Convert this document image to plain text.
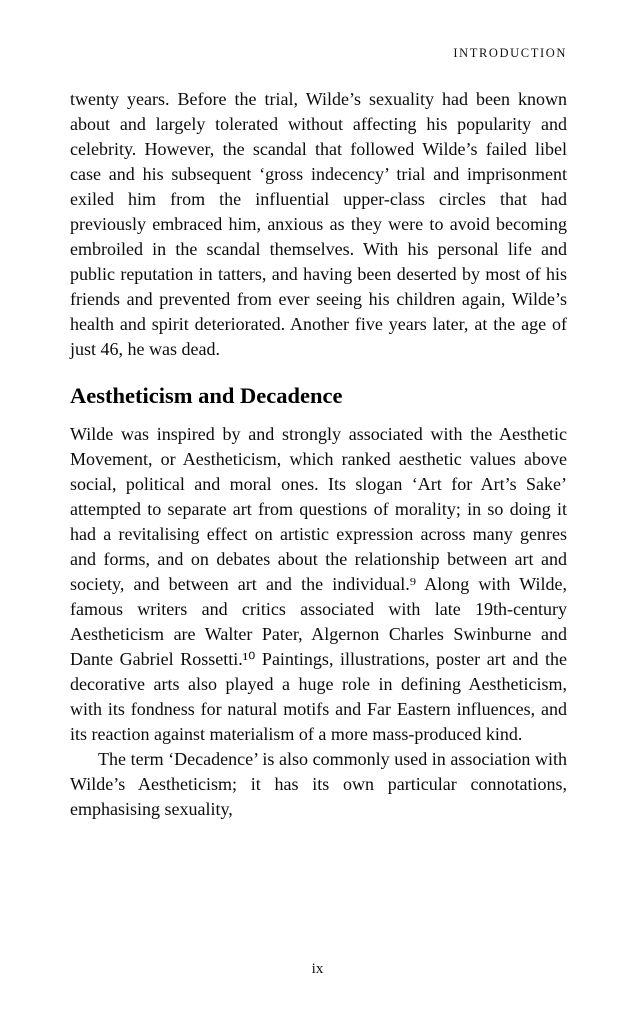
INTRODUCTION

twenty years. Before the trial, Wilde’s sexuality had been known about and largely tolerated without affecting his popularity and celebrity. However, the scandal that followed Wilde’s failed libel case and his subsequent ‘gross indecency’ trial and imprisonment exiled him from the influential upper-class circles that had previously embraced him, anxious as they were to avoid becoming embroiled in the scandal themselves. With his personal life and public reputation in tatters, and having been deserted by most of his friends and prevented from ever seeing his children again, Wilde’s health and spirit deteriorated. Another five years later, at the age of just 46, he was dead.

Aestheticism and Decadence

Wilde was inspired by and strongly associated with the Aesthetic Movement, or Aestheticism, which ranked aesthetic values above social, political and moral ones. Its slogan ‘Art for Art’s Sake’ attempted to separate art from questions of morality; in so doing it had a revitalising effect on artistic expression across many genres and forms, and on debates about the relationship between art and society, and between art and the individual.⁹ Along with Wilde, famous writers and critics associated with late 19th-century Aestheticism are Walter Pater, Algernon Charles Swinburne and Dante Gabriel Rossetti.¹⁰ Paintings, illustrations, poster art and the decorative arts also played a huge role in defining Aestheticism, with its fondness for natural motifs and Far Eastern influences, and its reaction against materialism of a more mass-produced kind.

The term ‘Decadence’ is also commonly used in association with Wilde’s Aestheticism; it has its own particular connotations, emphasising sexuality,

ix
